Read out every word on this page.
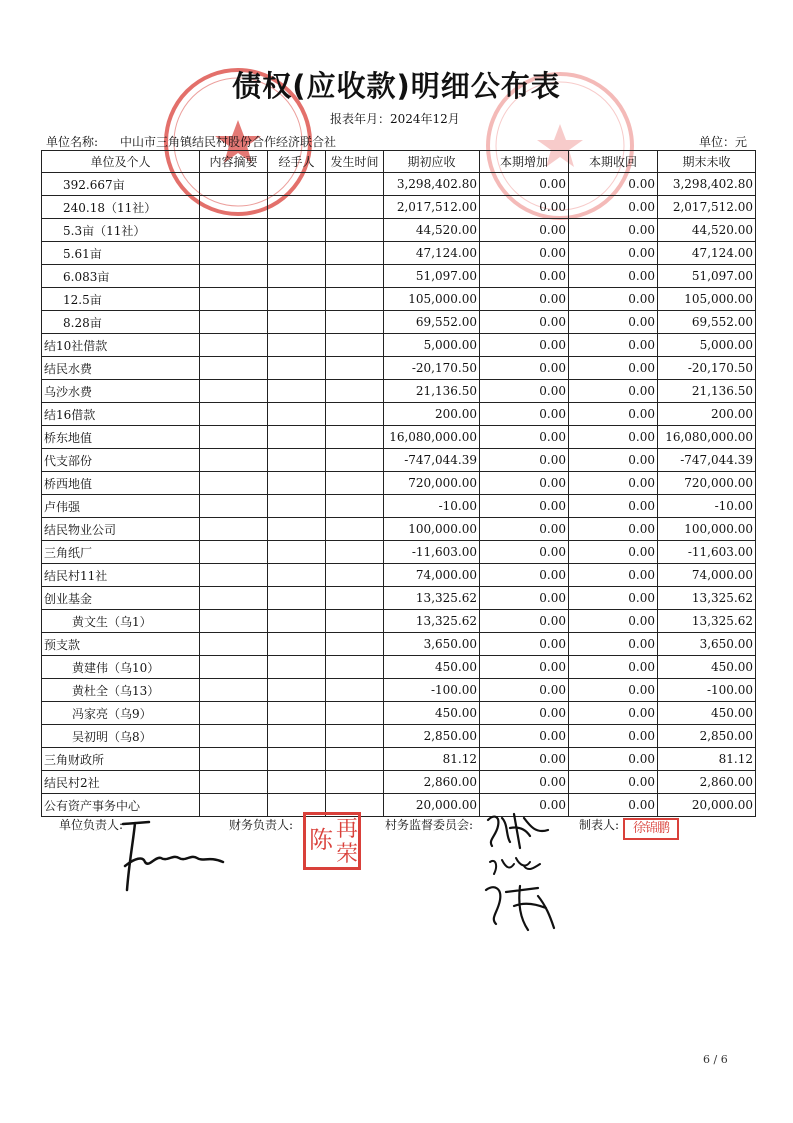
债权(应收款)明细公布表
报表年月：2024年12月
单位名称: 中山市三角镇结民村股份合作经济联合社	单位：元
单位及个人	内容摘要	经手人	发生时间	期初应收	本期增加	本期收回	期末未收
392.667亩				3,298,402.80	0.00	0.00	3,298,402.80
240.18（11社）				2,017,512.00	0.00	0.00	2,017,512.00
5.3亩（11社）				44,520.00	0.00	0.00	44,520.00
5.61亩				47,124.00	0.00	0.00	47,124.00
6.083亩				51,097.00	0.00	0.00	51,097.00
12.5亩				105,000.00	0.00	0.00	105,000.00
8.28亩				69,552.00	0.00	0.00	69,552.00
结10社借款				5,000.00	0.00	0.00	5,000.00
结民水费				-20,170.50	0.00	0.00	-20,170.50
乌沙水费				21,136.50	0.00	0.00	21,136.50
结16借款				200.00	0.00	0.00	200.00
桥东地值				16,080,000.00	0.00	0.00	16,080,000.00
代支部份				-747,044.39	0.00	0.00	-747,044.39
桥西地值				720,000.00	0.00	0.00	720,000.00
卢伟强				-10.00	0.00	0.00	-10.00
结民物业公司				100,000.00	0.00	0.00	100,000.00
三角纸厂				-11,603.00	0.00	0.00	-11,603.00
结民村11社				74,000.00	0.00	0.00	74,000.00
创业基金				13,325.62	0.00	0.00	13,325.62
黄文生（乌1）				13,325.62	0.00	0.00	13,325.62
预支款				3,650.00	0.00	0.00	3,650.00
黄建伟（乌10）				450.00	0.00	0.00	450.00
黄杜全（乌13）				-100.00	0.00	0.00	-100.00
冯家亮（乌9）				450.00	0.00	0.00	450.00
吴初明（乌8）				2,850.00	0.00	0.00	2,850.00
三角财政所				81.12	0.00	0.00	81.12
结民村2社				2,860.00	0.00	0.00	2,860.00
公有资产事务中心				20,000.00	0.00	0.00	20,000.00
单位负责人:	财务负责人:	村务监督委员会:	制表人:
再
荣
陈	徐锦鹏
6 / 6
